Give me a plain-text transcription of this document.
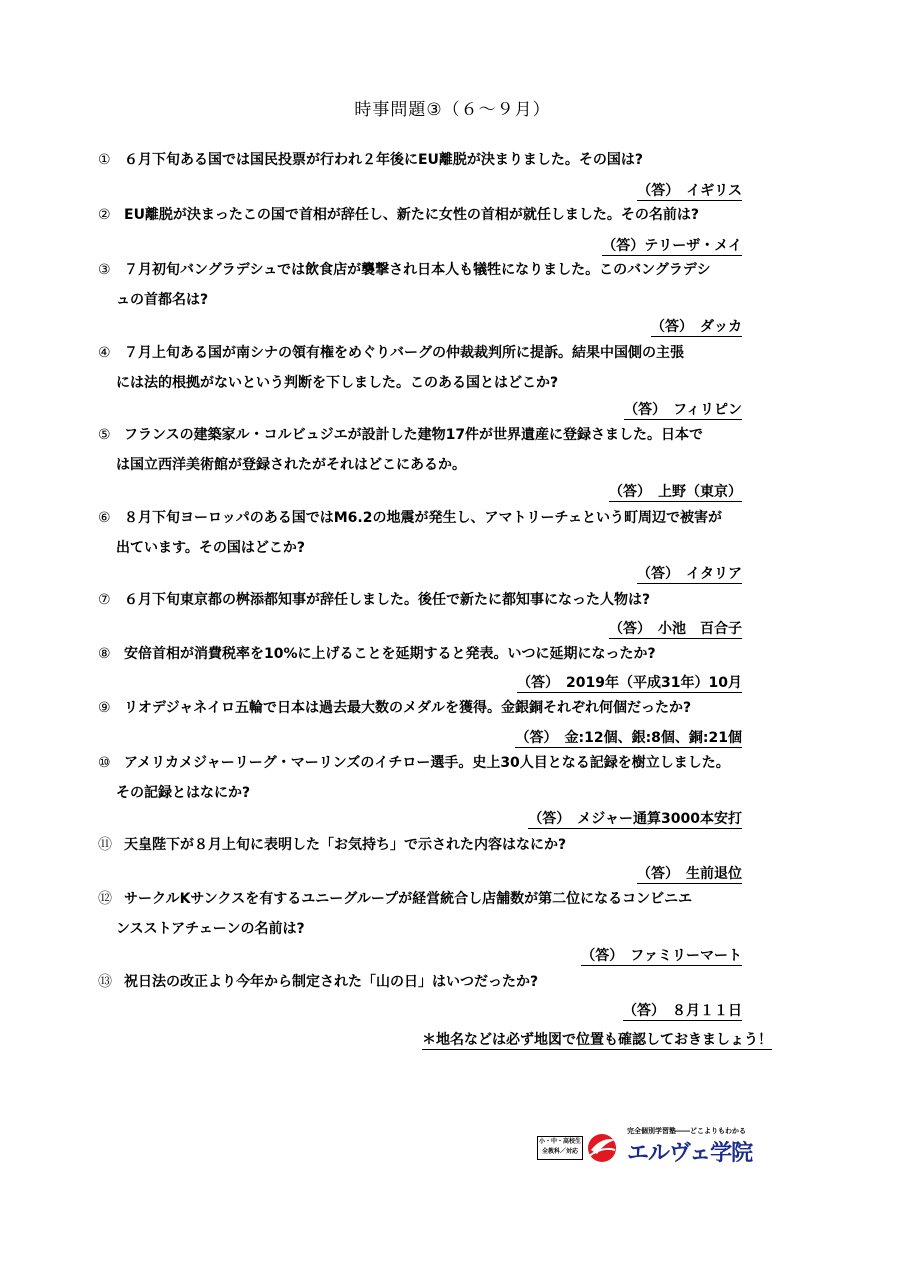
時事問題③（６～９月）
① ６月下旬ある国では国民投票が行われ２年後にEU離脱が決まりました。その国は?
（答）　イギリス
② EU離脱が決まったこの国で首相が辞任し、新たに女性の首相が就任しました。その名前は?
（答）テリーザ・メイ
③ ７月初旬バングラデシュでは飲食店が襲撃され日本人も犠牲になりました。このバングラデシ
ュの首都名は?
（答）　ダッカ
④ ７月上旬ある国が南シナの領有権をめぐりバーグの仲裁裁判所に提訴。結果中国側の主張
には法的根拠がないという判断を下しました。このある国とはどこか?
（答）　フィリピン
⑤ フランスの建築家ル・コルビュジエが設計した建物17件が世界遺産に登録さました。日本で
は国立西洋美術館が登録されたがそれはどこにあるか。
（答）　上野（東京）
⑥ ８月下旬ヨーロッパのある国ではM6.2の地震が発生し、アマトリーチェという町周辺で被害が
出ています。その国はどこか?
（答）　イタリア
⑦ ６月下旬東京都の桝添都知事が辞任しました。後任で新たに都知事になった人物は?
（答）　小池　百合子
⑧ 安倍首相が消費税率を10%に上げることを延期すると発表。いつに延期になったか?
（答）　2019年（平成31年）10月
⑨ リオデジャネイロ五輪で日本は過去最大数のメダルを獲得。金銀銅それぞれ何個だったか?
（答）　金:12個、銀:8個、銅:21個
⑩ アメリカメジャーリーグ・マーリンズのイチロー選手。史上30人目となる記録を樹立しました。
その記録とはなにか?
（答）　メジャー通算3000本安打
⑪ 天皇陛下が８月上旬に表明した「お気持ち」で示された内容はなにか?
（答）　生前退位
⑫ サークルKサンクスを有するユニーグループが経営統合し店舗数が第二位になるコンビニエ
ンスストアチェーンの名前は?
（答）　ファミリーマート
⑬ 祝日法の改正より今年から制定された「山の日」はいつだったか?
（答）　８月１１日
＊地名などは必ず地図で位置も確認しておきましょう！
小・中・高校生
全教科／対応
完全個別学習塾――どこよりもわかる
エルヴェ学院
